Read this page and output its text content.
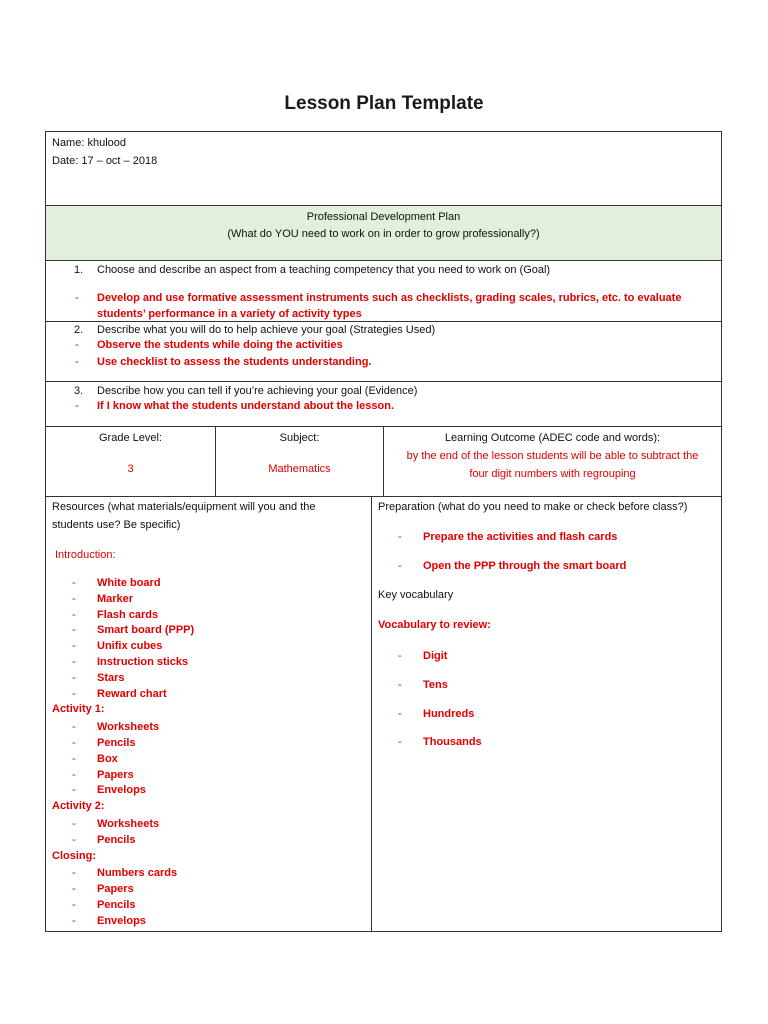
Lesson Plan Template
Name: khulood
Date: 17 – oct – 2018
Professional Development Plan
(What do YOU need to work on in order to grow professionally?)
1. Choose and describe an aspect from a teaching competency that you need to work on (Goal)
- Develop and use formative assessment instruments such as checklists, grading scales, rubrics, etc. to evaluate students’ performance in a variety of activity types
2. Describe what you will do to help achieve your goal (Strategies Used)
- Observe the students while doing the activities
- Use checklist to assess the students understanding.
3. Describe how you can tell if you’re achieving your goal (Evidence)
- If I know what the students understand about the lesson.
Grade Level:
3
Subject:
Mathematics
Learning Outcome (ADEC code and words):
by the end of the lesson students will be able to subtract the
four digit numbers with regrouping
Resources (what materials/equipment will you and the
students use? Be specific)
Introduction:
- White board
- Marker
- Flash cards
- Smart board (PPP)
- Unifix cubes
- Instruction sticks
- Stars
- Reward chart
Activity 1:
- Worksheets
- Pencils
- Box
- Papers
- Envelops
Activity 2:
- Worksheets
- Pencils
Closing:
- Numbers cards
- Papers
- Pencils
- Envelops
Preparation (what do you need to make or check before class?)
- Prepare the activities and flash cards
- Open the PPP through the smart board
Key vocabulary
Vocabulary to review:
- Digit
- Tens
- Hundreds
- Thousands
